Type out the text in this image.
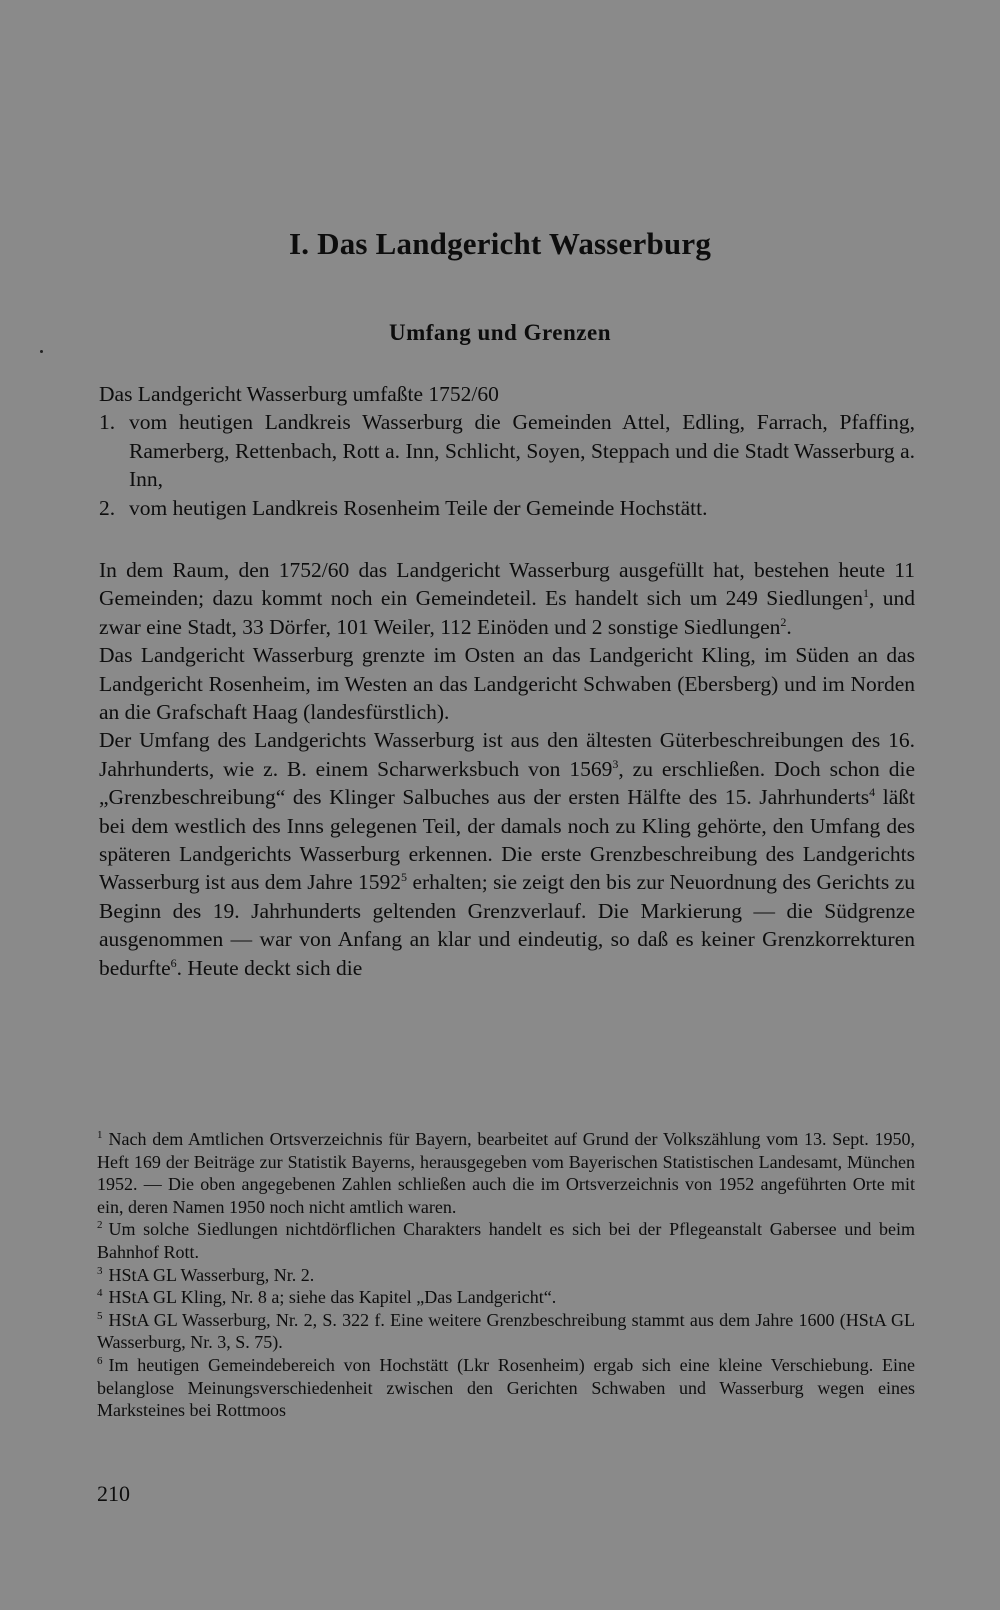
I. Das Landgericht Wasserburg
Umfang und Grenzen

Das Landgericht Wasserburg umfaßte 1752/60

1. vom heutigen Landkreis Wasserburg die Gemeinden Attel, Edling, Farrach, Pfaffing, Ramerberg, Rettenbach, Rott a. Inn, Schlicht, Soyen, Steppach und die Stadt Wasserburg a. Inn,
2. vom heutigen Landkreis Rosenheim Teile der Gemeinde Hochstätt.

In dem Raum, den 1752/60 das Landgericht Wasserburg ausgefüllt hat, bestehen heute 11 Gemeinden; dazu kommt noch ein Gemeindeteil. Es handelt sich um 249 Siedlungen$^1$, und zwar eine Stadt, 33 Dörfer, 101 Weiler, 112 Einöden und 2 sonstige Siedlungen$^2$.

Das Landgericht Wasserburg grenzte im Osten an das Landgericht Kling, im Süden an das Landgericht Rosenheim, im Westen an das Landgericht Schwaben (Ebersberg) und im Norden an die Grafschaft Haag (landesfürstlich).

Der Umfang des Landgerichts Wasserburg ist aus den ältesten Güterbeschreibungen des 16. Jahrhunderts, wie z. B. einem Scharwerksbuch von 1569$^3$, zu erschließen. Doch schon die „Grenzbeschreibung“ des Klinger Salbuches aus der ersten Hälfte des 15. Jahrhunderts$^4$ läßt bei dem westlich des Inns gelegenen Teil, der damals noch zu Kling gehörte, den Umfang des späteren Landgerichts Wasserburg erkennen. Die erste Grenzbeschreibung des Landgerichts Wasserburg ist aus dem Jahre 1592$^5$ erhalten; sie zeigt den bis zur Neuordnung des Gerichts zu Beginn des 19. Jahrhunderts geltenden Grenzverlauf. Die Markierung — die Südgrenze ausgenommen — war von Anfang an klar und eindeutig, so daß es keiner Grenzkorrekturen bedurfte$^6$. Heute deckt sich die

$^1$ Nach dem Amtlichen Ortsverzeichnis für Bayern, bearbeitet auf Grund der Volkszählung vom 13. Sept. 1950, Heft 169 der Beiträge zur Statistik Bayerns, herausgegeben vom Bayerischen Statistischen Landesamt, München 1952. — Die oben angegebenen Zahlen schließen auch die im Ortsverzeichnis von 1952 angeführten Orte mit ein, deren Namen 1950 noch nicht amtlich waren.

$^2$ Um solche Siedlungen nichtdörflichen Charakters handelt es sich bei der Pflegeanstalt Gabersee und beim Bahnhof Rott.

$^3$ HStA GL Wasserburg, Nr. 2.

$^4$ HStA GL Kling, Nr. 8 a; siehe das Kapitel „Das Landgericht“.

$^5$ HStA GL Wasserburg, Nr. 2, S. 322 f. Eine weitere Grenzbeschreibung stammt aus dem Jahre 1600 (HStA GL Wasserburg, Nr. 3, S. 75).

$^6$ Im heutigen Gemeindebereich von Hochstätt (Lkr Rosenheim) ergab sich eine kleine Verschiebung. Eine belanglose Meinungsverschiedenheit zwischen den Gerichten Schwaben und Wasserburg wegen eines Marksteines bei Rottmoos

210
